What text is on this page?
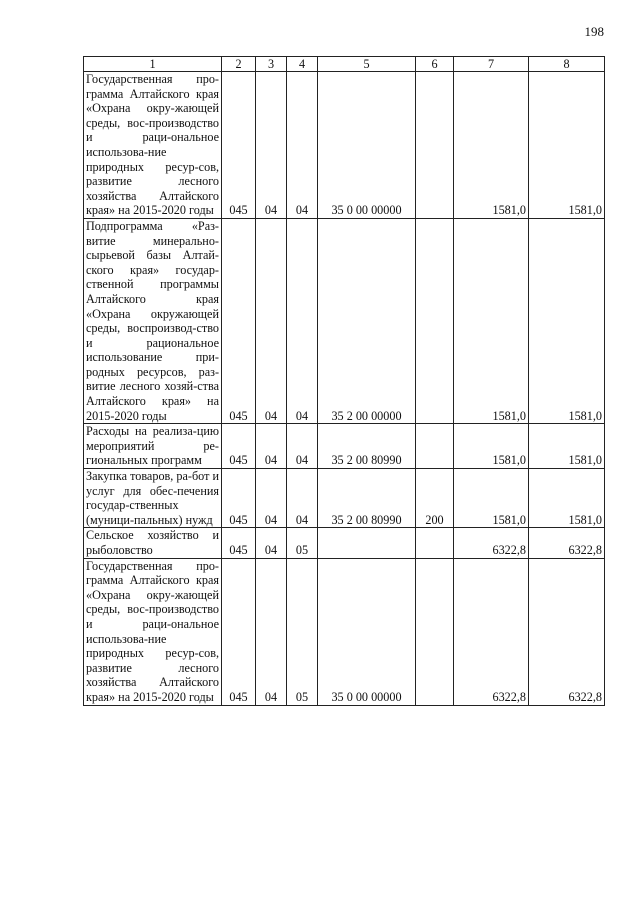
198
1	2	3	4	5	6	7	8
Государственная про-грамма Алтайского края «Охрана окру-жающей среды, вос-производство и раци-ональное использова-ние природных ресур-сов, развитие лесного хозяйства Алтайского края» на 2015-2020 годы	045	04	04	35 0 00 00000		1581,0	1581,0
Подпрограмма «Раз-витие минерально-сырьевой базы Алтай-ского края» государ-ственной программы Алтайского края «Охрана окружающей среды, воспроизвод-ство и рациональное использование при-родных ресурсов, раз-витие лесного хозяй-ства Алтайского края» на 2015-2020 годы	045	04	04	35 2 00 00000		1581,0	1581,0
Расходы на реализа-цию мероприятий ре-гиональных программ	045	04	04	35 2 00 80990		1581,0	1581,0
Закупка товаров, ра-бот и услуг для обес-печения государ-ственных (муници-пальных) нужд	045	04	04	35 2 00 80990	200	1581,0	1581,0
Сельское хозяйство и рыболовство	045	04	05			6322,8	6322,8
Государственная про-грамма Алтайского края «Охрана окру-жающей среды, вос-производство и раци-ональное использова-ние природных ресур-сов, развитие лесного хозяйства Алтайского края» на 2015-2020 годы	045	04	05	35 0 00 00000		6322,8	6322,8
